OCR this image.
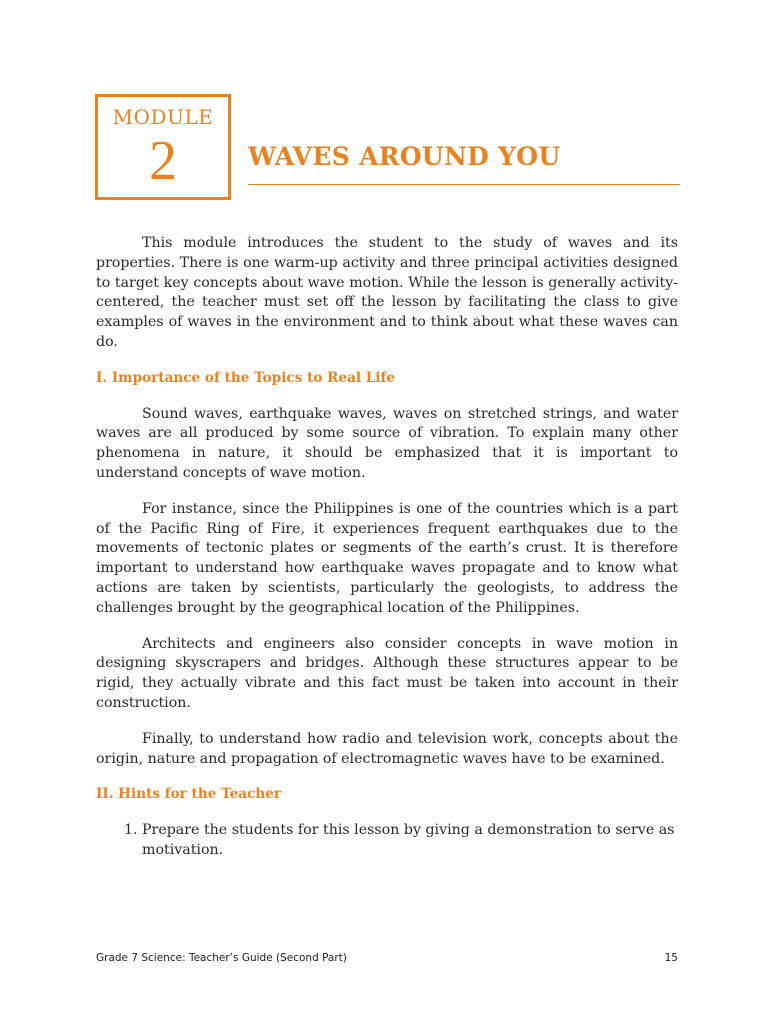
MODULE
2	WAVES AROUND YOU

This module introduces the student to the study of waves and its properties. There is one warm-up activity and three principal activities designed to target key concepts about wave motion. While the lesson is generally activity-centered, the teacher must set off the lesson by facilitating the class to give examples of waves in the environment and to think about what these waves can do.

I. Importance of the Topics to Real Life

Sound waves, earthquake waves, waves on stretched strings, and water waves are all produced by some source of vibration. To explain many other phenomena in nature, it should be emphasized that it is important to understand concepts of wave motion.

For instance, since the Philippines is one of the countries which is a part of the Pacific Ring of Fire, it experiences frequent earthquakes due to the movements of tectonic plates or segments of the earth’s crust. It is therefore important to understand how earthquake waves propagate and to know what actions are taken by scientists, particularly the geologists, to address the challenges brought by the geographical location of the Philippines.

Architects and engineers also consider concepts in wave motion in designing skyscrapers and bridges. Although these structures appear to be rigid, they actually vibrate and this fact must be taken into account in their construction.

Finally, to understand how radio and television work, concepts about the origin, nature and propagation of electromagnetic waves have to be examined.

II. Hints for the Teacher
1. Prepare the students for this lesson by giving a demonstration to serve as motivation.
Grade 7 Science: Teacher’s Guide (Second Part)	15
